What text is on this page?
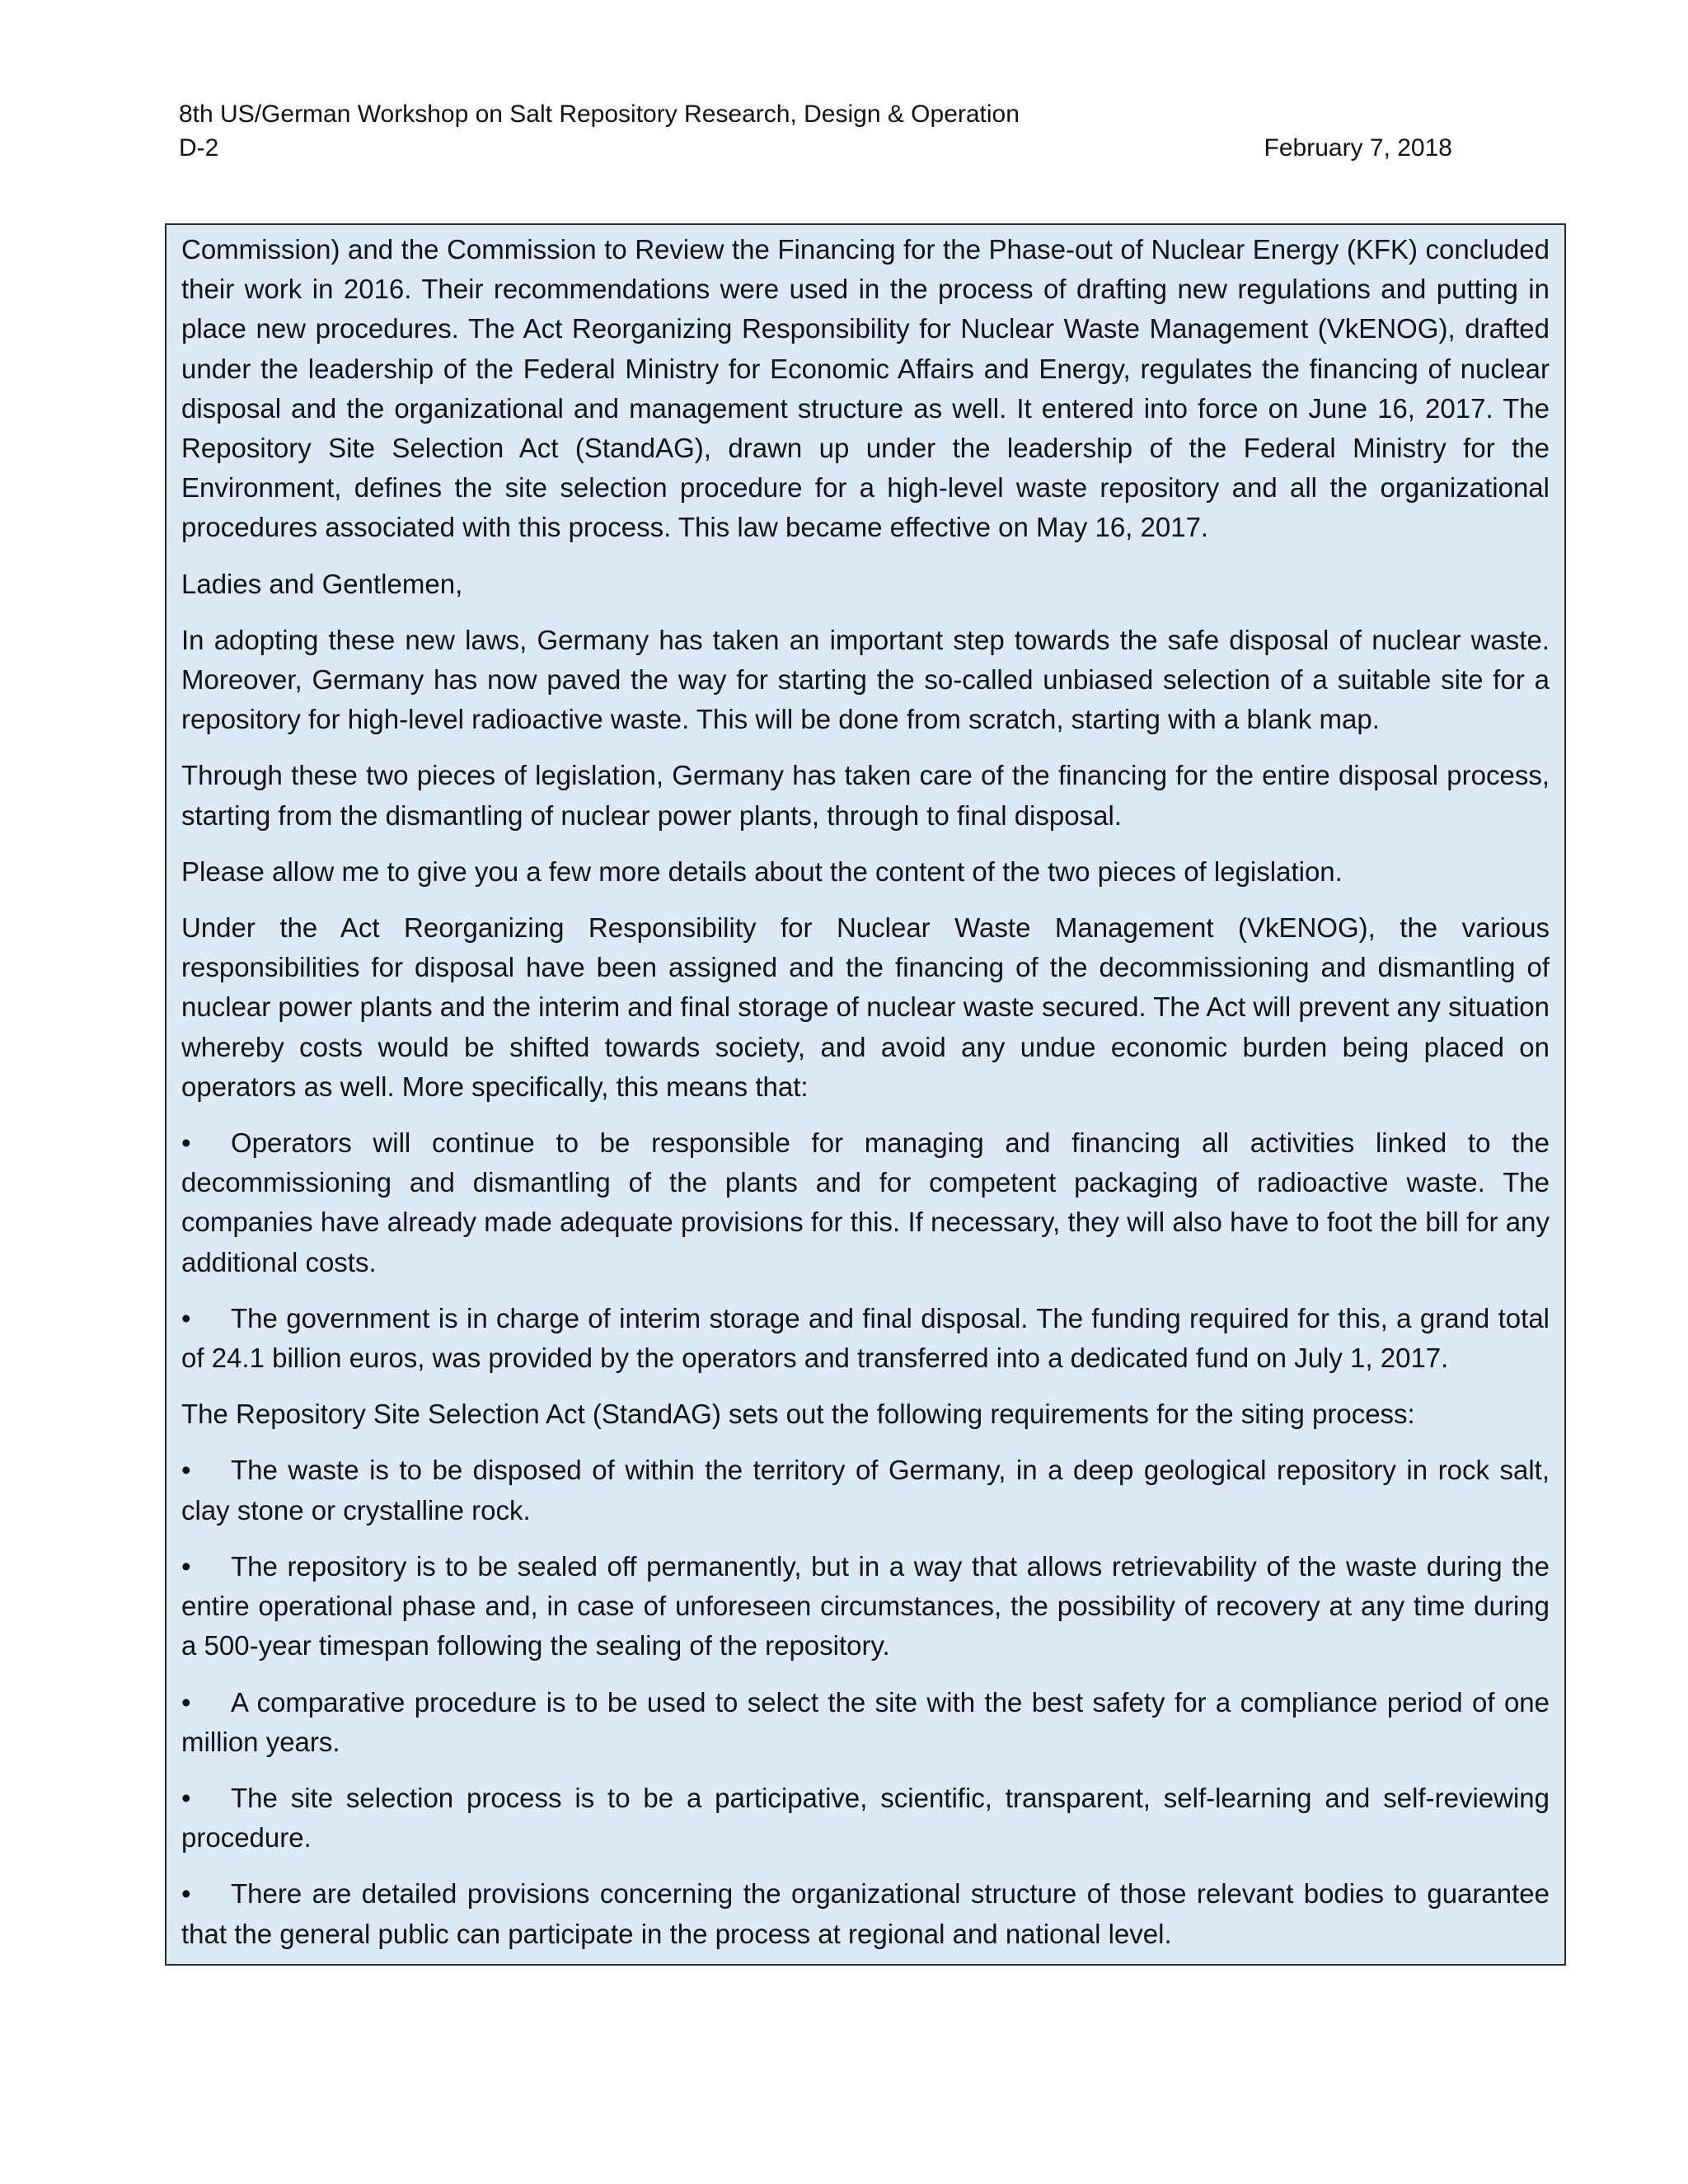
8th US/German Workshop on Salt Repository Research, Design & Operation
D-2	February 7, 2018

Commission) and the Commission to Review the Financing for the Phase-out of Nuclear Energy (KFK) concluded their work in 2016. Their recommendations were used in the process of drafting new regulations and putting in place new procedures. The Act Reorganizing Responsibility for Nuclear Waste Management (VkENOG), drafted under the leadership of the Federal Ministry for Economic Affairs and Energy, regulates the financing of nuclear disposal and the organizational and management structure as well. It entered into force on June 16, 2017. The Repository Site Selection Act (StandAG), drawn up under the leadership of the Federal Ministry for the Environment, defines the site selection procedure for a high-level waste repository and all the organizational procedures associated with this process. This law became effective on May 16, 2017.

Ladies and Gentlemen,

In adopting these new laws, Germany has taken an important step towards the safe disposal of nuclear waste. Moreover, Germany has now paved the way for starting the so-called unbiased selection of a suitable site for a repository for high-level radioactive waste. This will be done from scratch, starting with a blank map.

Through these two pieces of legislation, Germany has taken care of the financing for the entire disposal process, starting from the dismantling of nuclear power plants, through to final disposal.

Please allow me to give you a few more details about the content of the two pieces of legislation.

Under the Act Reorganizing Responsibility for Nuclear Waste Management (VkENOG), the various responsibilities for disposal have been assigned and the financing of the decommissioning and dismantling of nuclear power plants and the interim and final storage of nuclear waste secured. The Act will prevent any situation whereby costs would be shifted towards society, and avoid any undue economic burden being placed on operators as well. More specifically, this means that:

• Operators will continue to be responsible for managing and financing all activities linked to the decommissioning and dismantling of the plants and for competent packaging of radioactive waste. The companies have already made adequate provisions for this. If necessary, they will also have to foot the bill for any additional costs.

• The government is in charge of interim storage and final disposal. The funding required for this, a grand total of 24.1 billion euros, was provided by the operators and transferred into a dedicated fund on July 1, 2017.

The Repository Site Selection Act (StandAG) sets out the following requirements for the siting process:

• The waste is to be disposed of within the territory of Germany, in a deep geological repository in rock salt, clay stone or crystalline rock.

• The repository is to be sealed off permanently, but in a way that allows retrievability of the waste during the entire operational phase and, in case of unforeseen circumstances, the possibility of recovery at any time during a 500-year timespan following the sealing of the repository.

• A comparative procedure is to be used to select the site with the best safety for a compliance period of one million years.

• The site selection process is to be a participative, scientific, transparent, self-learning and self-reviewing procedure.

• There are detailed provisions concerning the organizational structure of those relevant bodies to guarantee that the general public can participate in the process at regional and national level.
